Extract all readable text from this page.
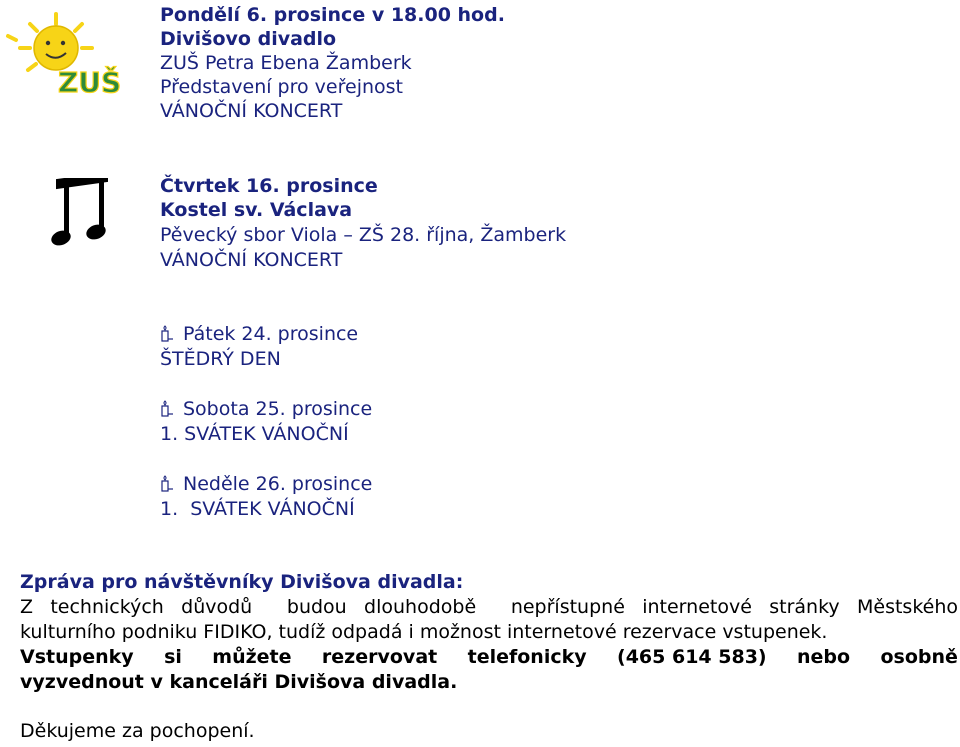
ZUŠ
Pondělí 6. prosince v 18.00 hod.
Divišovo divadlo
ZUŠ Petra Ebena Žamberk
Představení pro veřejnost
VÁNOČNÍ KONCERT
Čtvrtek 16. prosince
Kostel sv. Václava
Pěvecký sbor Viola – ZŠ 28. října, Žamberk
VÁNOČNÍ KONCERT
Pátek 24. prosince
ŠTĚDRÝ DEN
Sobota 25. prosince
1. SVÁTEK VÁNOČNÍ
Neděle 26. prosince
1.  SVÁTEK VÁNOČNÍ
Zpráva pro návštěvníky Divišova divadla:
Z technických důvodů  budou dlouhodobě  nepřístupné internetové stránky Městského
kulturního podniku FIDIKO, tudíž odpadá i možnost internetové rezervace vstupenek.
Vstupenky si můžete rezervovat telefonicky (465 614 583) nebo osobně
vyzvednout v kanceláři Divišova divadla.
Děkujeme za pochopení.
